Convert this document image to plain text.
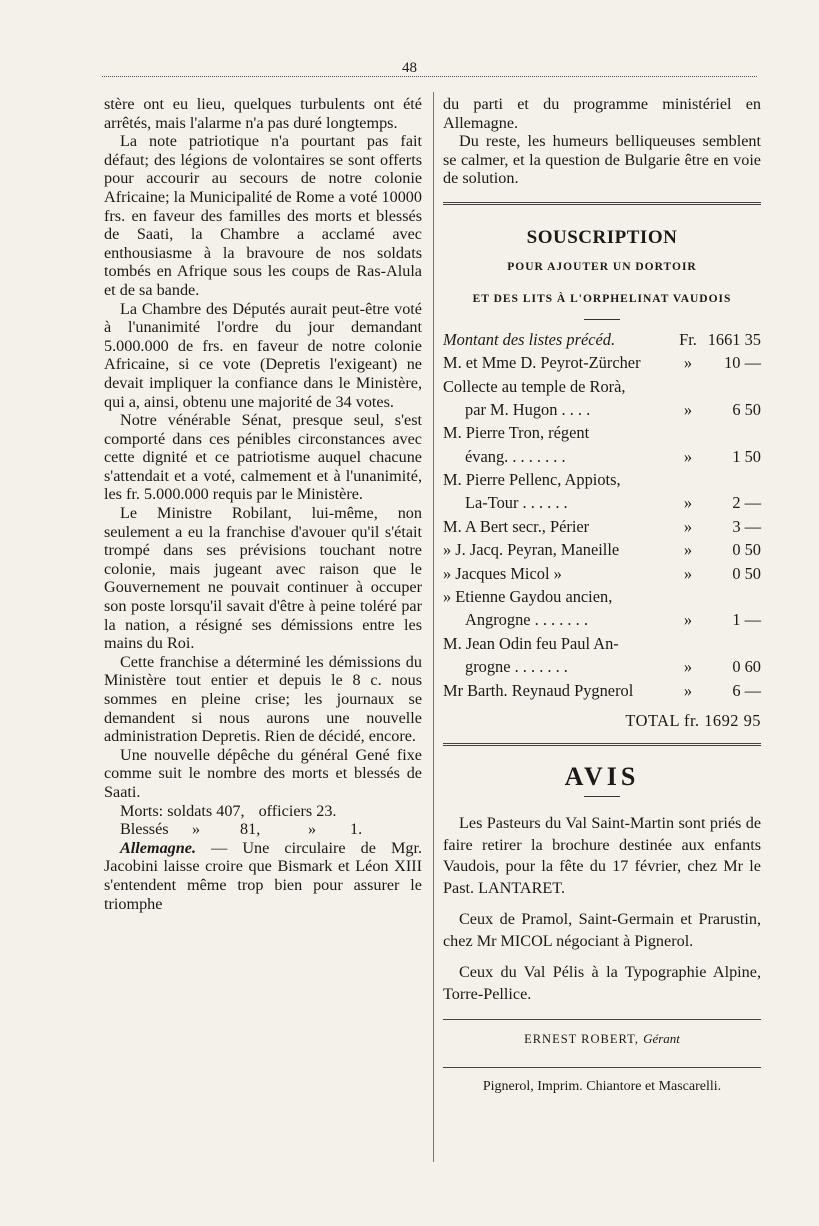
48

stère ont eu lieu, quelques turbulents ont été arrêtés, mais l'alarme n'a pas duré longtemps.

La note patriotique n'a pourtant pas fait défaut; des légions de volontaires se sont offerts pour accourir au secours de notre colonie Africaine; la Municipalité de Rome a voté 10000 frs. en faveur des familles des morts et blessés de Saati, la Chambre a acclamé avec enthousiasme à la bravoure de nos soldats tombés en Afrique sous les coups de Ras-Alula et de sa bande.

La Chambre des Députés aurait peut-être voté à l'unanimité l'ordre du jour demandant 5.000.000 de frs. en faveur de notre colonie Africaine, si ce vote (Depretis l'exigeant) ne devait impliquer la confiance dans le Ministère, qui a, ainsi, obtenu une majorité de 34 votes.

Notre vénérable Sénat, presque seul, s'est comporté dans ces pénibles circonstances avec cette dignité et ce patriotisme auquel chacune s'attendait et a voté, calmement et à l'unanimité, les fr. 5.000.000 requis par le Ministère.

Le Ministre Robilant, lui-même, non seulement a eu la franchise d'avouer qu'il s'était trompé dans ses prévisions touchant notre colonie, mais jugeant avec raison que le Gouvernement ne pouvait continuer à occuper son poste lorsqu'il savait d'être à peine toléré par la nation, a résigné ses démissions entre les mains du Roi.

Cette franchise a déterminé les démissions du Ministère tout entier et depuis le 8 c. nous sommes en pleine crise; les journaux se demandent si nous aurons une nouvelle administration Depretis. Rien de décidé, encore.

Une nouvelle dépêche du général Gené fixe comme suit le nombre des morts et blessés de Saati.

Morts: soldats 407, officiers 23.
Blessés	»	81,	»	1.

Allemagne. — Une circulaire de Mgr. Jacobini laisse croire que Bismark et Léon XIII s'entendent même trop bien pour assurer le triomphe

du parti et du programme ministériel en Allemagne.

Du reste, les humeurs belliqueuses semblent se calmer, et la question de Bulgarie être en voie de solution.

SOUSCRIPTION
POUR AJOUTER UN DORTOIR
ET DES LITS À L'ORPHELINAT VAUDOIS
Montant des listes précéd.	Fr. 1661 35
M. et Mme D. Peyrot-Zürcher	»	10 —
Collecte au temple de Rorà,
par M. Hugon . . . .	»	6 50
M. Pierre Tron, régent
évang. . . . . . . .	»	1 50
M. Pierre Pellenc, Appiots,
La-Tour . . . . . .	»	2 —
M. A Bert secr., Périer	»	3 —
» J. Jacq. Peyran, Maneille	»	0 50
» Jacques Micol »	»	0 50
» Etienne Gaydou ancien,
Angrogne . . . . . . .	»	1 —
M. Jean Odin feu Paul An-
grogne . . . . . . .	»	0 60
Mr Barth. Reynaud Pygnerol	»	6 —
TOTAL fr. 1692 95
AVIS

Les Pasteurs du Val Saint-Martin sont priés de faire retirer la brochure destinée aux enfants Vaudois, pour la fête du 17 février, chez Mr le Past. LANTARET.

Ceux de Pramol, Saint-Germain et Prarustin, chez Mr MICOL négociant à Pignerol.

Ceux du Val Pélis à la Typographie Alpine, Torre-Pellice.

ERNEST ROBERT, Gérant
Pignerol, Imprim. Chiantore et Mascarelli.
